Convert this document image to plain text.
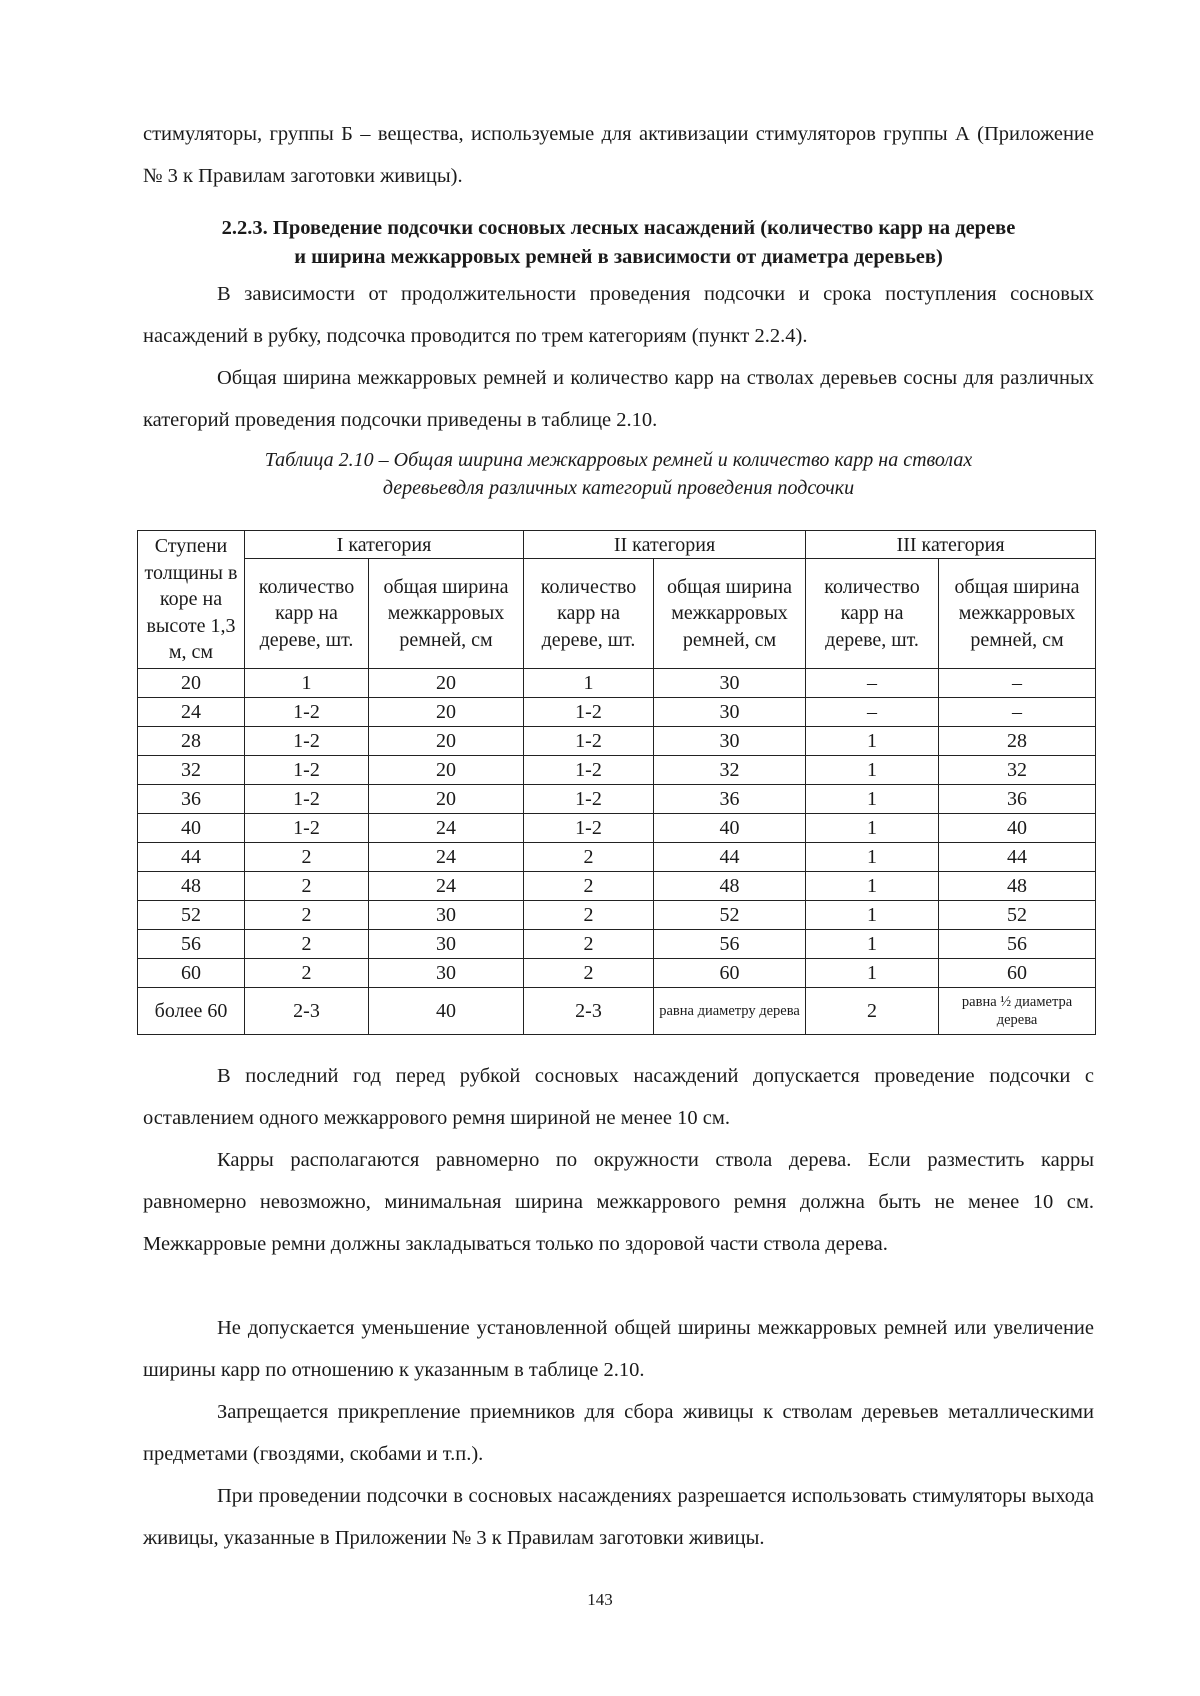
стимуляторы, группы Б – вещества, используемые для активизации стимуляторов группы А (Приложение № 3 к Правилам заготовки живицы).

2.2.3. Проведение подсочки сосновых лесных насаждений (количество карр на дереве
и ширина межкарровых ремней в зависимости от диаметра деревьев)

В зависимости от продолжительности проведения подсочки и срока поступления сосновых насаждений в рубку, подсочка проводится по трем категориям (пункт 2.2.4).

Общая ширина межкарровых ремней и количество карр на стволах деревьев сосны для различных категорий проведения подсочки приведены в таблице 2.10.

Таблица 2.10 – Общая ширина межкарровых ремней и количество карр на стволах
деревьевдля различных категорий проведения подсочки
Ступени толщины в коре на высоте 1,3 м, см	I категория		II категория		III категория	
	количество карр на дереве, шт.	общая ширина межкарровых ремней, см	количество карр на дереве, шт.	общая ширина межкарровых ремней, см	количество карр на дереве, шт.	общая ширина межкарровых ремней, см
20	1	20	1	30	–	–
24	1-2	20	1-2	30	–	–
28	1-2	20	1-2	30	1	28
32	1-2	20	1-2	32	1	32
36	1-2	20	1-2	36	1	36
40	1-2	24	1-2	40	1	40
44	2	24	2	44	1	44
48	2	24	2	48	1	48
52	2	30	2	52	1	52
56	2	30	2	56	1	56
60	2	30	2	60	1	60
более 60	2-3	40	2-3	равна диаметру дерева	2	равна ½ диаметра дерева

В последний год перед рубкой сосновых насаждений допускается проведение подсочки с оставлением одного межкаррового ремня шириной не менее 10 см.

Карры располагаются равномерно по окружности ствола дерева. Если разместить карры равномерно невозможно, минимальная ширина межкаррового ремня должна быть не менее 10 см. Межкарровые ремни должны закладываться только по здоровой части ствола дерева.

Не допускается уменьшение установленной общей ширины межкарровых ремней или увеличение ширины карр по отношению к указанным в таблице 2.10.

Запрещается прикрепление приемников для сбора живицы к стволам деревьев металлическими предметами (гвоздями, скобами и т.п.).

При проведении подсочки в сосновых насаждениях разрешается использовать стимуляторы выхода живицы, указанные в Приложении № 3 к Правилам заготовки живицы.

143
